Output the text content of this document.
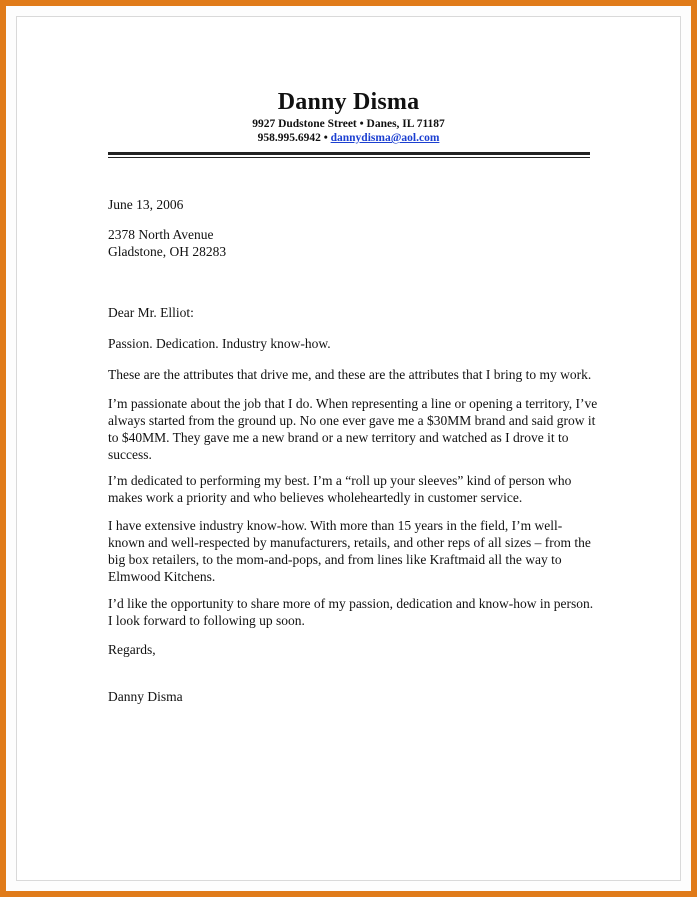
Danny Disma
9927 Dudstone Street • Danes, IL 71187
958.995.6942 • dannydisma@aol.com
June 13, 2006

2378 North Avenue

Gladstone, OH 28283

Dear Mr. Elliot:
Passion. Dedication. Industry know-how.
These are the attributes that drive me, and these are the attributes that I bring to my work.
I’m passionate about the job that I do. When representing a line or opening a territory, I’ve always started from the ground up. No one ever gave me a $30MM brand and said grow it to $40MM. They gave me a new brand or a new territory and watched as I drove it to success.
I’m dedicated to performing my best. I’m a “roll up your sleeves” kind of person who makes work a priority and who believes wholeheartedly in customer service.
I have extensive industry know-how. With more than 15 years in the field, I’m well-known and well-respected by manufacturers, retails, and other reps of all sizes – from the big box retailers, to the mom-and-pops, and from lines like Kraftmaid all the way to Elmwood Kitchens.
I’d like the opportunity to share more of my passion, dedication and know-how in person. I look forward to following up soon.
Regards,
Danny Disma
